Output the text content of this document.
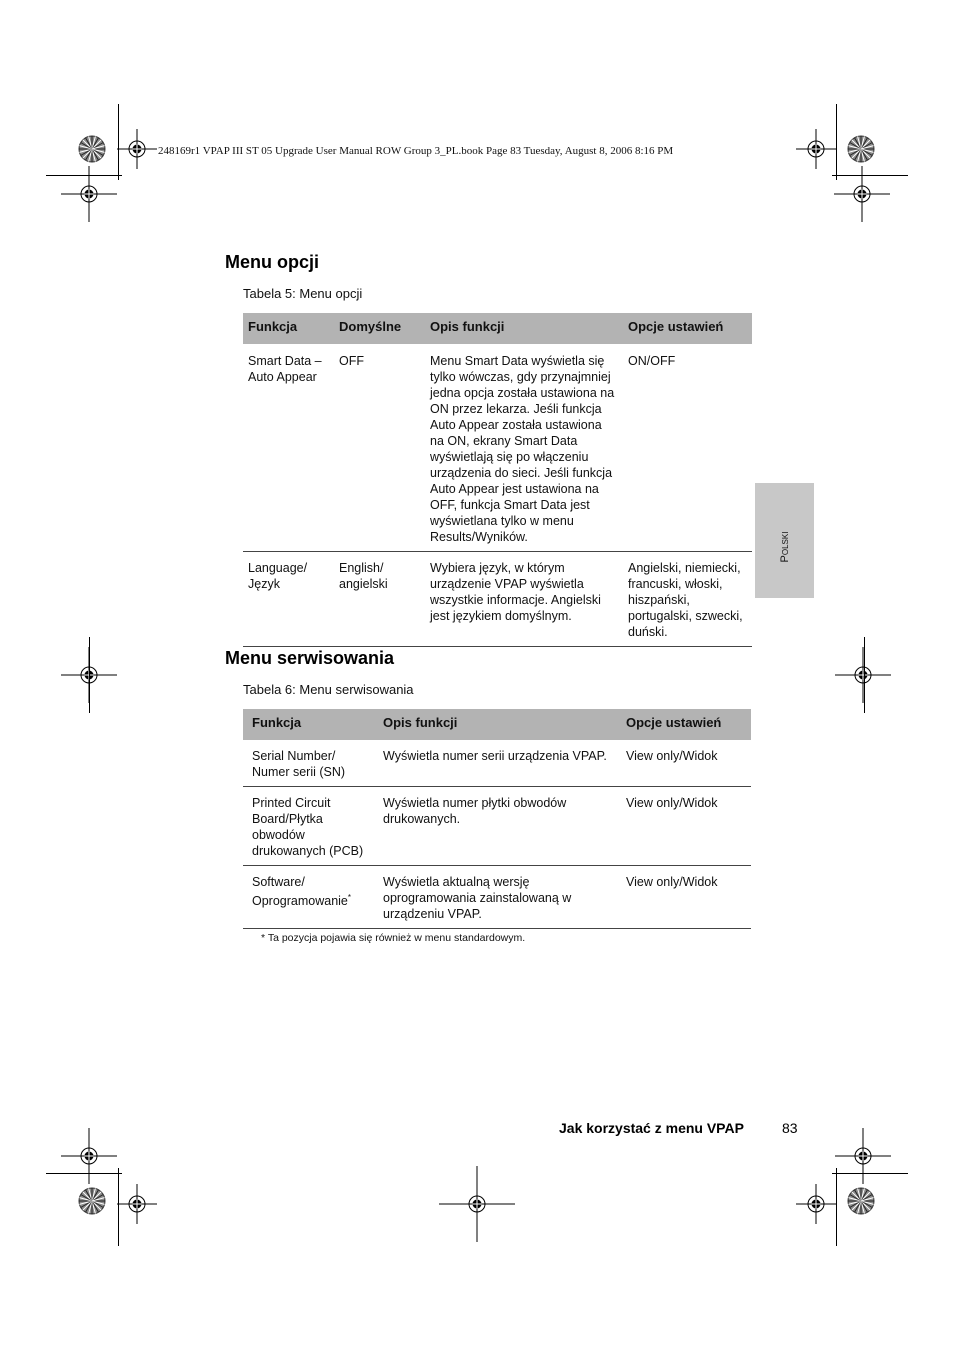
248169r1 VPAP III ST 05 Upgrade User Manual ROW Group 3_PL.book Page 83 Tuesday, August 8, 2006 8:16 PM
POLSKI
Menu opcji
Tabela 5: Menu opcji
Funkcja	Domyślne	Opis funkcji	Opcje ustawień
Smart Data – Auto Appear	OFF	Menu Smart Data wyświetla się tylko wówczas, gdy przynajmniej jedna opcja została ustawiona na ON przez lekarza. Jeśli funkcja Auto Appear została ustawiona na ON, ekrany Smart Data wyświetlają się po włączeniu urządzenia do sieci. Jeśli funkcja Auto Appear jest ustawiona na OFF, funkcja Smart Data jest wyświetlana tylko w menu Results/Wyników.	ON/OFF
Language/ Język	English/ angielski	Wybiera język, w którym urządzenie VPAP wyświetla wszystkie informacje. Angielski jest językiem domyślnym.	Angielski, niemiecki, francuski, włoski, hiszpański, portugalski, szwecki, duński.
Menu serwisowania
Tabela 6: Menu serwisowania
Funkcja	Opis funkcji	Opcje ustawień
Serial Number/ Numer serii (SN)	Wyświetla numer serii urządzenia VPAP.	View only/Widok
Printed Circuit Board/Płytka obwodów drukowanych (PCB)	Wyświetla numer płytki obwodów drukowanych.	View only/Widok
Software/ Oprogramowanie*	Wyświetla aktualną wersję oprogramowania zainstalowaną w urządzeniu VPAP.	View only/Widok
* Ta pozycja pojawia się również w menu standardowym.
Jak korzystać z menu VPAP	83
